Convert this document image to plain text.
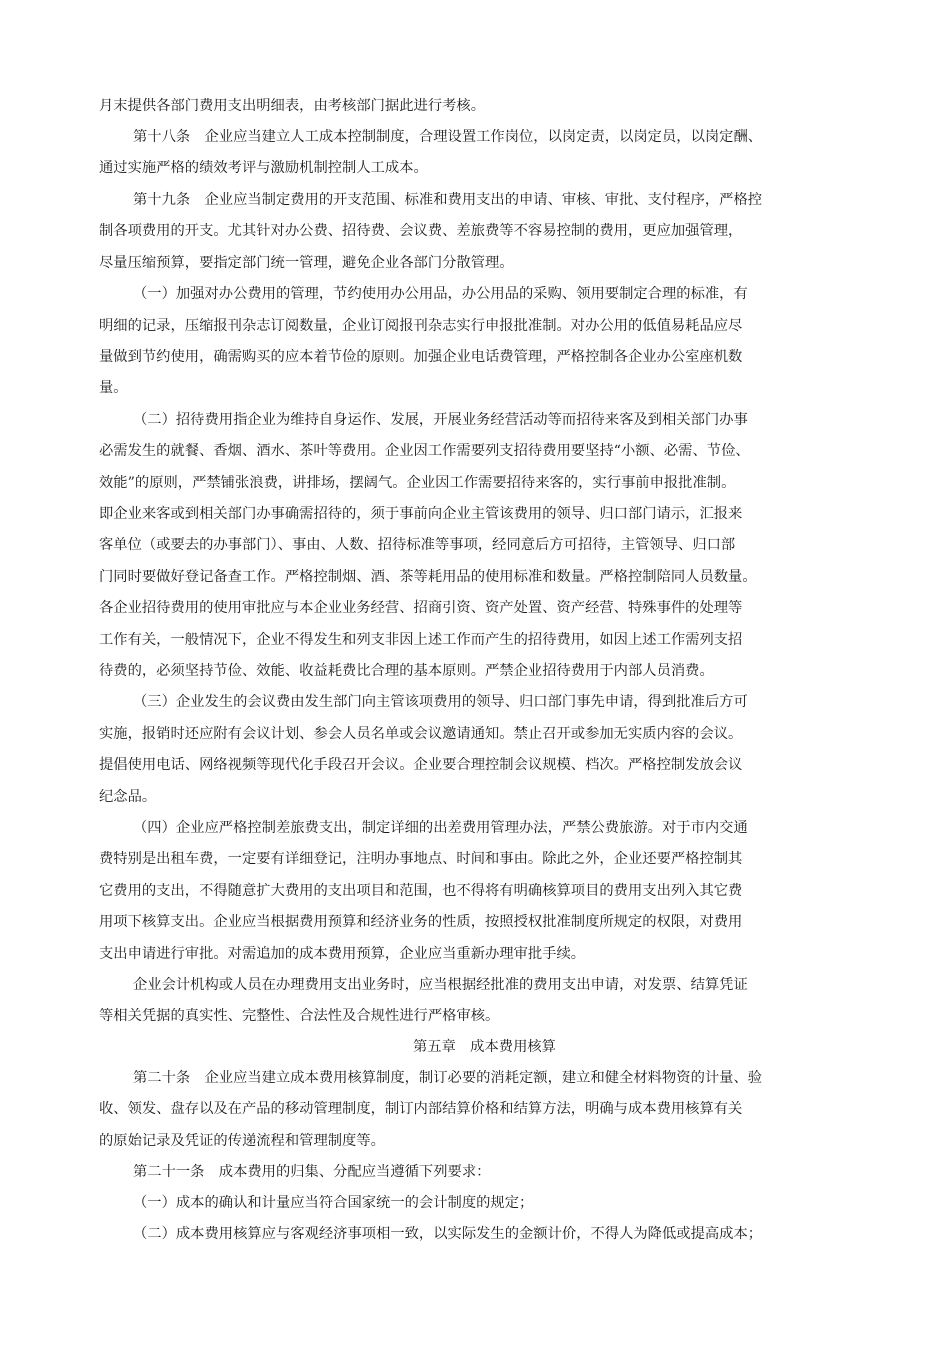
月末提供各部门费用支出明细表，由考核部门据此进行考核。
第十八条　企业应当建立人工成本控制制度，合理设置工作岗位，以岗定责，以岗定员，以岗定酬、
通过实施严格的绩效考评与激励机制控制人工成本。
第十九条　企业应当制定费用的开支范围、标准和费用支出的申请、审核、审批、支付程序，严格控
制各项费用的开支。尤其针对办公费、招待费、会议费、差旅费等不容易控制的费用，更应加强管理，
尽量压缩预算，要指定部门统一管理，避免企业各部门分散管理。
（一）加强对办公费用的管理，节约使用办公用品，办公用品的采购、领用要制定合理的标准，有
明细的记录，压缩报刊杂志订阅数量，企业订阅报刊杂志实行申报批准制。对办公用的低值易耗品应尽
量做到节约使用，确需购买的应本着节俭的原则。加强企业电话费管理，严格控制各企业办公室座机数
量。
（二）招待费用指企业为维持自身运作、发展，开展业务经营活动等而招待来客及到相关部门办事
必需发生的就餐、香烟、酒水、茶叶等费用。企业因工作需要列支招待费用要坚持“小额、必需、节俭、
效能”的原则，严禁铺张浪费，讲排场，摆阔气。企业因工作需要招待来客的，实行事前申报批准制。
即企业来客或到相关部门办事确需招待的，须于事前向企业主管该费用的领导、归口部门请示，汇报来
客单位（或要去的办事部门）、事由、人数、招待标准等事项，经同意后方可招待，主管领导、归口部
门同时要做好登记备查工作。严格控制烟、酒、茶等耗用品的使用标准和数量。严格控制陪同人员数量。
各企业招待费用的使用审批应与本企业业务经营、招商引资、资产处置、资产经营、特殊事件的处理等
工作有关，一般情况下，企业不得发生和列支非因上述工作而产生的招待费用，如因上述工作需列支招
待费的，必须坚持节俭、效能、收益耗费比合理的基本原则。严禁企业招待费用于内部人员消费。
（三）企业发生的会议费由发生部门向主管该项费用的领导、归口部门事先申请，得到批准后方可
实施，报销时还应附有会议计划、参会人员名单或会议邀请通知。禁止召开或参加无实质内容的会议。
提倡使用电话、网络视频等现代化手段召开会议。企业要合理控制会议规模、档次。严格控制发放会议
纪念品。
（四）企业应严格控制差旅费支出，制定详细的出差费用管理办法，严禁公费旅游。对于市内交通
费特别是出租车费，一定要有详细登记，注明办事地点、时间和事由。除此之外，企业还要严格控制其
它费用的支出，不得随意扩大费用的支出项目和范围，也不得将有明确核算项目的费用支出列入其它费
用项下核算支出。企业应当根据费用预算和经济业务的性质，按照授权批准制度所规定的权限，对费用
支出申请进行审批。对需追加的成本费用预算，企业应当重新办理审批手续。
企业会计机构或人员在办理费用支出业务时，应当根据经批准的费用支出申请，对发票、结算凭证
等相关凭据的真实性、完整性、合法性及合规性进行严格审核。
第五章　成本费用核算
第二十条　企业应当建立成本费用核算制度，制订必要的消耗定额，建立和健全材料物资的计量、验
收、领发、盘存以及在产品的移动管理制度，制订内部结算价格和结算方法，明确与成本费用核算有关
的原始记录及凭证的传递流程和管理制度等。
第二十一条　成本费用的归集、分配应当遵循下列要求：
（一）成本的确认和计量应当符合国家统一的会计制度的规定；
（二）成本费用核算应与客观经济事项相一致，以实际发生的金额计价，不得人为降低或提高成本；
